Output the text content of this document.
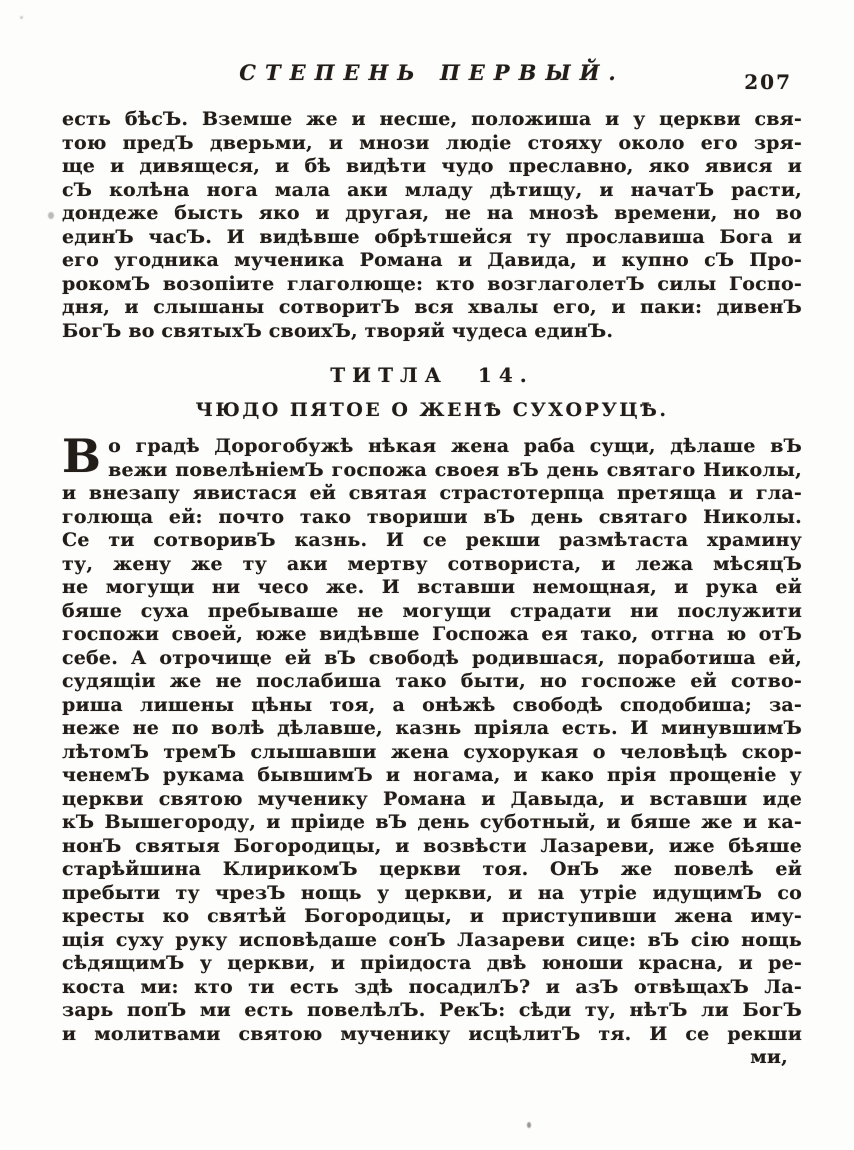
СТЕПЕНЬ ПЕРВЫЙ.	207
есть бѣсЪ. Вземше же и несше, положиша и у церкви свя-
тою предЪ дверьми, и мнози людіе стояху около его зря-
ще и дивящеся, и бѣ видѣти чудо преславно, яко явися и
сЪ колѣна нога мала аки младу дѣтищу, и начатЪ расти,
дондеже бысть яко и другая, не на мнозѣ времени, но во
единЪ часЪ. И видѣвше обрѣтшейся ту прославиша Бога и
его угодника мученика Романа и Давида, и купно сЪ Про-
рокомЪ возопіите глаголюще: кто возглаголетЪ силы Госпо-
дня, и слышаны сотворитЪ вся хвалы его, и паки: дивенЪ
БогЪ во святыхЪ своихЪ, творяй чудеса единЪ.
ТИТЛА 14.
ЧЮДО ПЯТОЕ О ЖЕНѢ СУХОРУЦѢ.
В о градѣ Дорогобужѣ нѣкая жена раба сущи, дѣлаше вЪ
вежи повелѣніемЪ госпожа своея вЪ день святаго Николы,
и внезапу явистася ей святая страстотерпца претяща и гла-
голюща ей: почто тако твориши вЪ день святаго Николы.
Се ти сотворивЪ казнь. И се рекши размѣтаста храмину
ту, жену же ту аки мертву сотвориста, и лежа мѣсяцЪ
не могущи ни чесо же. И вставши немощная, и рука ей
бяше суха пребываше не могущи страдати ни послужити
госпожи своей, юже видѣвше Госпожа ея тако, отгна ю отЪ
себе. А отрочище ей вЪ свободѣ родившася, поработиша ей,
судящіи же не послабиша тако быти, но госпоже ей сотво-
риша лишены цѣны тоя, а онѣжѣ свободѣ сподобиша; за-
неже не по волѣ дѣлавше, казнь пріяла есть. И минувшимЪ
лѣтомЪ тремЪ слышавши жена сухорукая о человѣцѣ скор-
ченемЪ рукама бывшимЪ и ногама, и како прія прощеніе у
церкви святою мученику Романа и Давыда, и вставши иде
кЪ Вышегороду, и пріиде вЪ день суботный, и бяше же и ка-
нонЪ святыя Богородицы, и возвѣсти Лазареви, иже бѣяше
старѣйшина КлирикомЪ церкви тоя. ОнЪ же повелѣ ей
пребыти ту чрезЪ нощь у церкви, и на утріе идущимЪ со
кресты ко святѣй Богородицы, и приступивши жена иму-
щія суху руку исповѣдаше сонЪ Лазареви сице: вЪ сію нощь
сѣдящимЪ у церкви, и пріидоста двѣ юноши красна, и ре-
коста ми: кто ти есть здѣ посадилЪ? и азЪ отвѣщахЪ Ла-
зарь попЪ ми есть повелѣлЪ. РекЪ: сѣди ту, нѣтЪ ли БогЪ
и молитвами святою мученику исцѣлитЪ тя. И се рекши
ми,
